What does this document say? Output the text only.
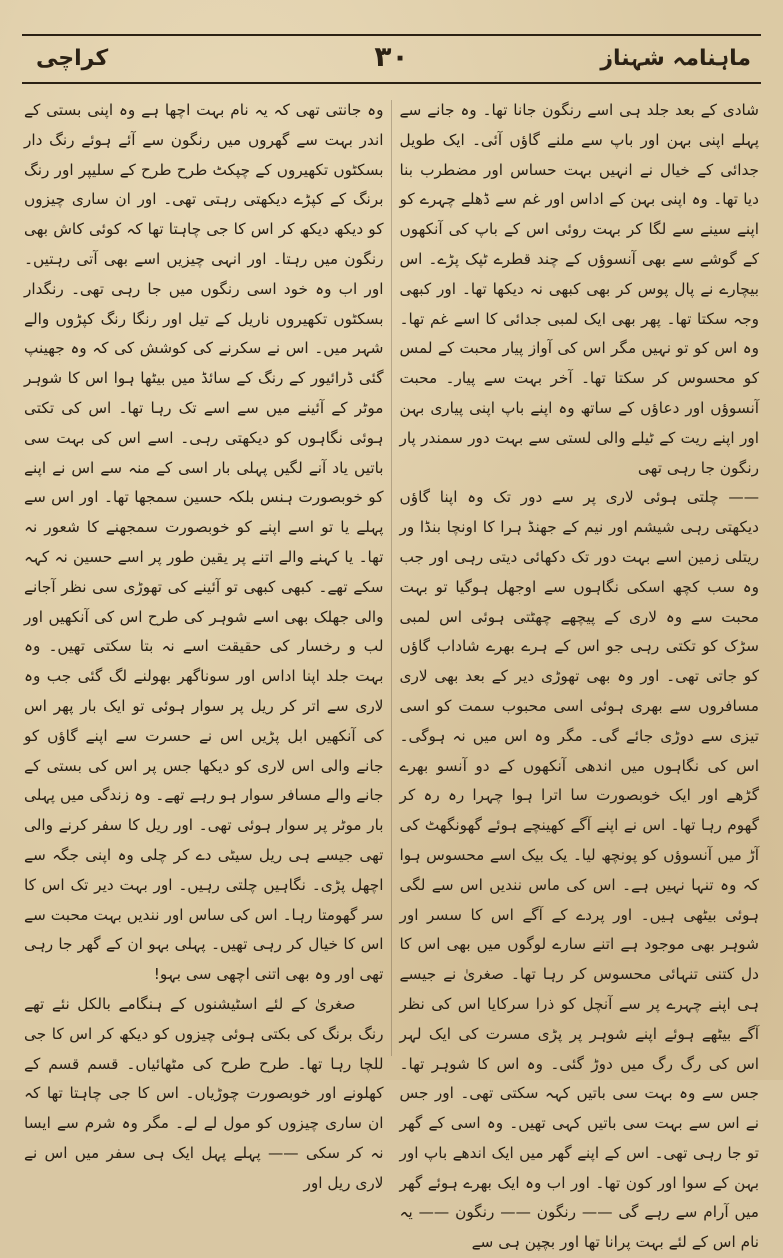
ماہنامہ شہناز
۳۰
کراچی

شادی کے بعد جلد ہی اسے رنگون جانا تھا۔ وہ جانے سے پہلے اپنی بہن اور باپ سے ملنے گاؤں آئی۔ ایک طویل جدائی کے خیال نے انہیں بہت حساس اور مضطرب بنا دیا تھا۔ وہ اپنی بہن کے اداس اور غم سے ڈھلے چہرے کو اپنے سینے سے لگا کر بہت روئی اس کے باپ کی آنکھوں کے گوشے سے بھی آنسوؤں کے چند قطرے ٹپک پڑے۔ اس بیچارے نے پال پوس کر بھی کبھی نہ دیکھا تھا۔ اور کبھی وجہ سکتا تھا۔ پھر بھی ایک لمبی جدائی کا اسے غم تھا۔ وہ اس کو تو نہیں مگر اس کی آواز پیار محبت کے لمس کو محسوس کر سکتا تھا۔ آخر بہت سے پیار۔ محبت آنسوؤں اور دعاؤں کے ساتھ وہ اپنے باپ اپنی پیاری بہن اور اپنے ریت کے ٹیلے والی لستی سے بہت دور سمندر پار رنگون جا رہی تھی

—— چلتی ہوئی لاری پر سے دور تک وہ اپنا گاؤں دیکھتی رہی شیشم اور نیم کے جھنڈ ہرا کا اونچا بنڈا ور ریتلی زمین اسے بہت دور تک دکھائی دیتی رہی اور جب وہ سب کچھ اسکی نگاہوں سے اوجھل ہوگیا تو بہت محبت سے وہ لاری کے پیچھے چھٹتی ہوئی اس لمبی سڑک کو تکتی رہی جو اس کے ہرے بھرے شاداب گاؤں کو جاتی تھی۔ اور وہ بھی تھوڑی دیر کے بعد بھی لاری مسافروں سے بھری ہوئی اسی محبوب سمت کو اسی تیزی سے دوڑی جائے گی۔ مگر وہ اس میں نہ ہوگی۔ اس کی نگاہوں میں اندھی آنکھوں کے دو آنسو بھرے گڑھے اور ایک خوبصورت سا اترا ہوا چہرا رہ رہ کر گھوم رہا تھا۔ اس نے اپنے آگے کھینچے ہوئے گھونگھٹ کی آڑ میں آنسوؤں کو پونچھ لیا۔ یک بیک اسے محسوس ہوا کہ وہ تنہا نہیں ہے۔ اس کی ماس نندیں اس سے لگی ہوئی بیٹھی ہیں۔ اور پردے کے آگے اس کا سسر اور شوہر بھی موجود ہے اتنے سارے لوگوں میں بھی اس کا دل کتنی تنہائی محسوس کر رہا تھا۔ صغریٰ نے جیسے ہی اپنے چہرے پر سے آنچل کو ذرا سرکایا اس کی نظر آگے بیٹھے ہوئے اپنے شوہر پر پڑی مسرت کی ایک لہر اس کی رگ رگ میں دوڑ گئی۔ وہ اس کا شوہر تھا۔ جس سے وہ بہت سی باتیں کہہ سکتی تھی۔ اور جس نے اس سے بہت سی باتیں کہی تھیں۔ وہ اسی کے گھر تو جا رہی تھی۔ اس کے اپنے گھر میں ایک اندھے باپ اور بہن کے سوا اور کون تھا۔ اور اب وہ ایک بھرے ہوئے گھر میں آرام سے رہے گی —— رنگون —— رنگون —— یہ نام اس کے لئے بہت پرانا تھا اور بچپن ہی سے

وہ جانتی تھی کہ یہ نام بہت اچھا ہے وہ اپنی بستی کے اندر بہت سے گھروں میں رنگون سے آئے ہوئے رنگ دار بسکٹوں تکھیروں کے چپکٹ طرح طرح کے سلیپر اور رنگ برنگ کے کپڑے دیکھتی رہتی تھی۔ اور ان ساری چیزوں کو دیکھ دیکھ کر اس کا جی چاہتا تھا کہ کوئی کاش بھی رنگون میں رہتا۔ اور انہی چیزیں اسے بھی آتی رہتیں۔ اور اب وہ خود اسی رنگوں میں جا رہی تھی۔ رنگدار بسکٹوں تکھیروں ناریل کے تیل اور رنگا رنگ کپڑوں والے شہر میں۔ اس نے سکرنے کی کوشش کی کہ وہ جھینپ گئی ڈرائیور کے رنگ کے سائڈ میں بیٹھا ہوا اس کا شوہر موٹر کے آئینے میں سے اسے تک رہا تھا۔ اس کی تکتی ہوئی نگاہوں کو دیکھتی رہی۔ اسے اس کی بہت سی باتیں یاد آنے لگیں پہلی بار اسی کے منہ سے اس نے اپنے کو خوبصورت ہنس بلکہ حسین سمجھا تھا۔ اور اس سے پہلے یا تو اسے اپنے کو خوبصورت سمجھنے کا شعور نہ تھا۔ یا کہنے والے اتنے پر یقین طور پر اسے حسین نہ کہہ سکے تھے۔ کبھی کبھی تو آئینے کی تھوڑی سی نظر آجانے والی جھلک بھی اسے شوہر کی طرح اس کی آنکھیں اور لب و رخسار کی حقیقت اسے نہ بتا سکتی تھیں۔ وہ بہت جلد اپنا اداس اور سوناگھر بھولنے لگ گئی جب وہ لاری سے اتر کر ریل پر سوار ہوئی تو ایک بار پھر اس کی آنکھیں ابل پڑیں اس نے حسرت سے اپنے گاؤں کو جانے والی اس لاری کو دیکھا جس پر اس کی بستی کے جانے والے مسافر سوار ہو رہے تھے۔ وہ زندگی میں پہلی بار موٹر پر سوار ہوئی تھی۔ اور ریل کا سفر کرنے والی تھی جیسے ہی ریل سیٹی دے کر چلی وہ اپنی جگہ سے اچھل پڑی۔ نگاہیں چلتی رہیں۔ اور بہت دیر تک اس کا سر گھومتا رہا۔ اس کی ساس اور نندیں بہت محبت سے اس کا خیال کر رہی تھیں۔ پہلی بہو ان کے گھر جا رہی تھی اور وہ بھی اتنی اچھی سی بہو!

صغریٰ کے لئے اسٹیشنوں کے ہنگامے بالکل نئے تھے رنگ برنگ کی بکتی ہوئی چیزوں کو دیکھ کر اس کا جی للچا رہا تھا۔ طرح طرح کی مٹھائیاں۔ قسم قسم کے کھلونے اور خوبصورت چوڑیاں۔ اس کا جی چاہتا تھا کہ ان ساری چیزوں کو مول لے لے۔ مگر وہ شرم سے ایسا نہ کر سکی —— پہلے پہل ایک ہی سفر میں اس نے لاری ریل اور
